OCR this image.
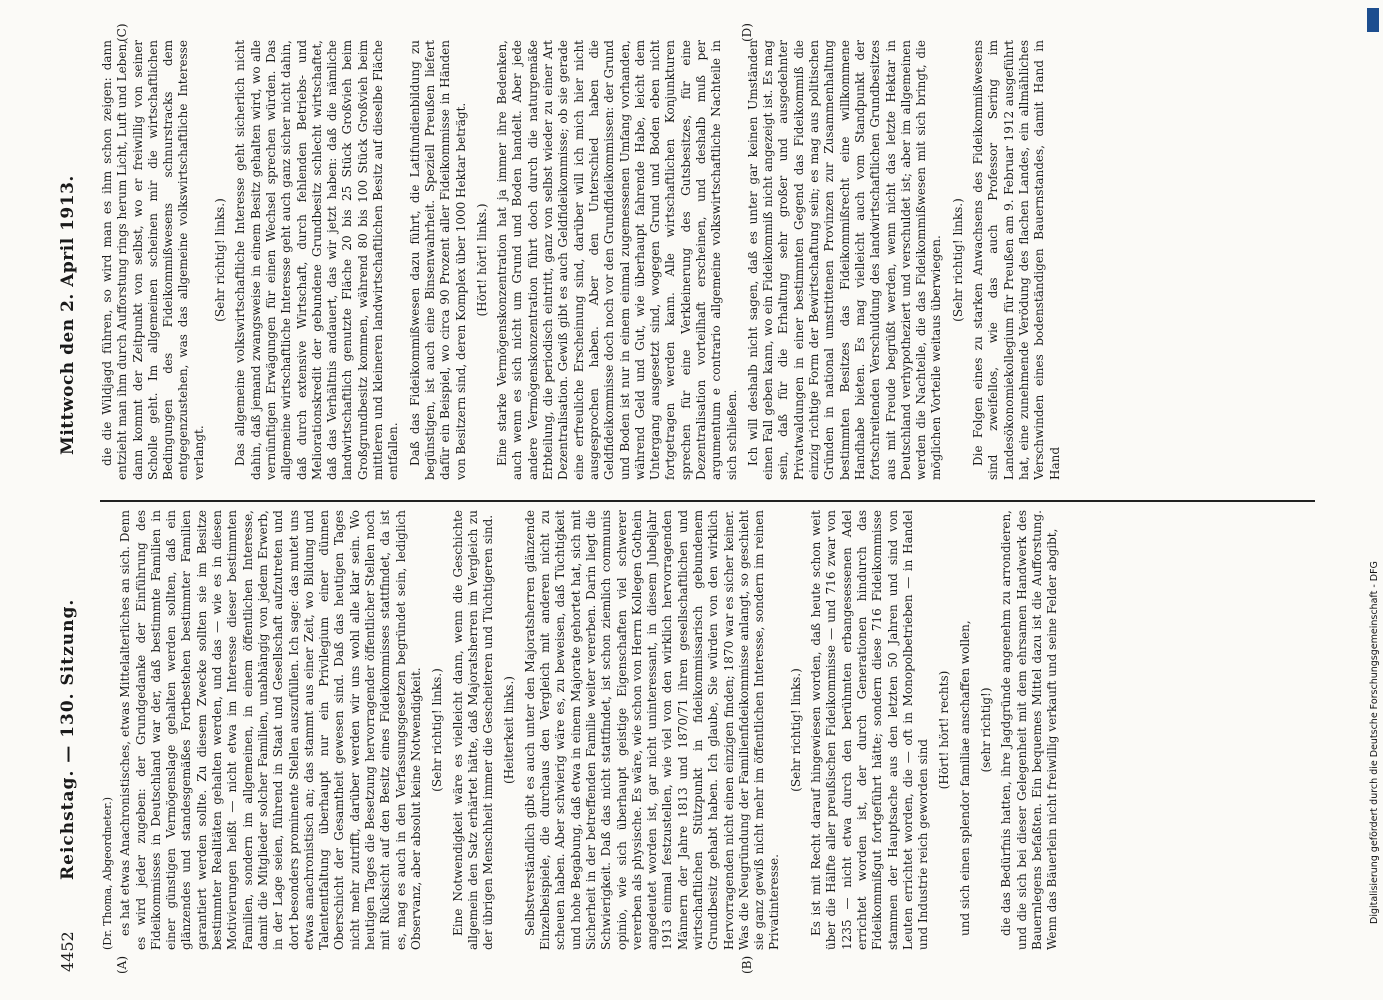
4452
Reichstag. — 130. Sitzung.
Mittwoch den 2. April 1913.
(A)	(B)
(C)	(D)

(Dr. Thoma, Abgeordneter.) es hat etwas Anachronistisches, etwas Mittelalterliches an sich. Denn es wird jeder zugeben: der Grundgedanke der Einführung des Fideikommisses in Deutschland war der, daß bestimmte Familien in einer günstigen Vermögenslage gehalten werden sollten, daß ein glänzendes und standesgemäßes Fortbestehen bestimmter Familien garantiert werden sollte. Zu diesem Zwecke sollten sie im Besitze bestimmter Realitäten gehalten werden, und das — wie es in diesen Motivierungen heißt — nicht etwa im Interesse dieser bestimmten Familien, sondern im allgemeinen, in einem öffentlichen Interesse, damit die Mitglieder solcher Familien, unabhängig von jedem Erwerb, in der Lage seien, führend in Staat und Gesellschaft aufzutreten und dort besonders prominente Stellen auszufüllen. Ich sage: das mutet uns etwas anachronistisch an; das stammt aus einer Zeit, wo Bildung und Talententfaltung überhaupt nur ein Privilegium einer dünnen Oberschicht der Gesamtheit gewesen sind. Daß das heutigen Tages nicht mehr zutrifft, darüber werden wir uns wohl alle klar sein. Wo heutigen Tages die Besetzung hervorragender öffentlicher Stellen noch mit Rücksicht auf den Besitz eines Fideikommisses stattfindet, da ist es, mag es auch in den Verfassungsgesetzen begründet sein, lediglich Observanz, aber absolut keine Notwendigkeit. (Sehr richtig! links.) Eine Notwendigkeit wäre es vielleicht dann, wenn die Geschichte allgemein den Satz erhärtet hätte, daß Majoratsherren im Vergleich zu der übrigen Menschheit immer die Gescheiteren und Tüchtigeren sind. (Heiterkeit links.) Selbstverständlich gibt es auch unter den Majoratsherren glänzende Einzelbeispiele, die durchaus den Vergleich mit anderen nicht zu scheuen haben. Aber schwierig wäre es, zu beweisen, daß Tüchtigkeit und hohe Begabung, daß etwa in einem Majorate gehortet hat, sich mit Sicherheit in der betreffenden Familie weiter vererben. Darin liegt die Schwierigkeit. Daß das nicht stattfindet, ist schon ziemlich communis opinio, wie sich überhaupt geistige Eigenschaften viel schwerer vererben als physische. Es wäre, wie schon von Herrn Kollegen Gothein angedeutet worden ist, gar nicht uninteressant, in diesem Jubeljahr 1913 einmal festzustellen, wie viel von den wirklich hervorragenden Männern der Jahre 1813 und 1870/71 ihren gesellschaftlichen und wirtschaftlichen Stützpunkt in fideikommissarisch gebundenem Grundbesitz gehabt haben. Ich glaube, Sie würden von den wirklich Hervorragenden nicht einen einzigen finden; 1870 war es sicher keiner. Was die Neugründung der Familienfideikommisse anlangt, so geschieht sie ganz gewiß nicht mehr im öffentlichen Interesse, sondern im reinen Privatinteresse.

(Sehr richtig! links.) Es ist mit Recht darauf hingewiesen worden, daß heute schon weit über die Hälfte aller preußischen Fideikommisse — und 716 zwar von 1235 — nicht etwa durch den berühmten erbangesessenen Adel errichtet worden ist, der durch Generationen hindurch das Fideikommißgut fortgeführt hätte; sondern diese 716 Fideikommisse stammen der Hauptsache aus den letzten 50 Jahren und sind von Leuten errichtet worden, die — oft in Monopolbetrieben — in Handel und Industrie reich geworden sind

(Hört! hört! rechts) und sich einen splendor familiae anschaffen wollen, (sehr richtig!) die das Bedürfnis hatten, ihre Jagdgründe angenehm zu arrondieren, und die sich bei dieser Gelegenheit mit dem ehrsamen Handwerk des Bauernlegens befaßten. Ein bequemes Mittel dazu ist die Aufforstung. Wenn das Bäuerlein nicht freiwillig verkauft und seine Felder abgibt,

die die Wildjagd führen, so wird man es ihm schon zeigen: dann entzieht man ihm durch Aufforstung rings herum Licht, Luft und Leben, dann kommt der Zeitpunkt von selbst, wo er freiwillig von seiner Scholle geht. Im allgemeinen scheinen mir die wirtschaftlichen Bedingungen des Fideikommißwesens schnurstracks dem entgegenzustehen, was das allgemeine volkswirtschaftliche Interesse verlangt.

(Sehr richtig! links.) Das allgemeine volkswirtschaftliche Interesse geht sicherlich nicht dahin, daß jemand zwangsweise in einem Besitz gehalten wird, wo alle vernünftigen Erwägungen für einen Wechsel sprechen würden. Das allgemeine wirtschaftliche Interesse geht auch ganz sicher nicht dahin, daß durch extensive Wirtschaft, durch fehlenden Betriebs- und Meliorationskredit der gebundene Grundbesitz schlecht wirtschaftet, daß das Verhältnis andauert, das wir jetzt haben: daß die nämliche landwirtschaftlich genutzte Fläche 20 bis 25 Stück Großvieh beim Großgrundbesitz kommen, während 80 bis 100 Stück Großvieh beim mittleren und kleineren landwirtschaftlichen Besitz auf dieselbe Fläche entfallen. Daß das Fideikommißwesen dazu führt, die Latifundienbildung zu begünstigen, ist auch eine Binsenwahrheit. Speziell Preußen liefert dafür ein Beispiel, wo circa 90 Prozent aller Fideikommisse in Händen von Besitzern sind, deren Komplex über 1000 Hektar beträgt. (Hört! hört! links.) Eine starke Vermögenskonzentration hat ja immer ihre Bedenken, auch wenn es sich nicht um Grund und Boden handelt. Aber jede andere Vermögenskonzentration führt doch durch die naturgemäße Erbteilung, die periodisch eintritt, ganz von selbst wieder zu einer Art Dezentralisation. Gewiß gibt es auch Geldfideikommisse; ob sie gerade eine erfreuliche Erscheinung sind, darüber will ich mich hier nicht ausgesprochen haben. Aber den Unterschied haben die Geldfideikommisse doch noch vor den Grundfideikommissen: der Grund und Boden ist nur in einem einmal zugemessenen Umfang vorhanden, während Geld und Gut, wie überhaupt fahrende Habe, leicht dem Untergang ausgesetzt sind, wogegen Grund und Boden eben nicht fortgetragen werden kann. Alle wirtschaftlichen Konjunkturen sprechen für eine Verkleinerung des Gutsbesitzes, für eine Dezentralisation vorteilhaft erscheinen, und deshalb muß per argumentum e contrario allgemeine volkswirtschaftliche Nachteile in sich schließen. Ich will deshalb nicht sagen, daß es unter gar keinen Umständen einen Fall geben kann, wo ein Fideikommiß nicht angezeigt ist. Es mag sein, daß für die Erhaltung sehr großer und ausgedehnter Privatwaldungen in einer bestimmten Gegend das Fideikommiß die einzig richtige Form der Bewirtschaftung sein; es mag aus politischen Gründen in national umstrittenen Provinzen zur Zusammenhaltung bestimmten Besitzes das Fideikommißrecht eine willkommene Handhabe bieten. Es mag vielleicht auch vom Standpunkt der fortschreitenden Verschuldung des landwirtschaftlichen Grundbesitzes aus mit Freude begrüßt werden, wenn nicht das letzte Hektar in Deutschland verhypotheziert und verschuldet ist; aber im allgemeinen werden die Nachteile, die das Fideikommißwesen mit sich bringt, die möglichen Vorteile weitaus überwiegen. (Sehr richtig! links.) Die Folgen eines zu starken Anwachsens des Fideikommißwesens sind zweifellos, wie das auch Professor Sering im Landesökonomiekollegium für Preußen am 9. Februar 1912 ausgeführt hat, eine zunehmende Verödung des flachen Landes, ein allmähliches Verschwinden eines bodenständigen Bauernstandes, damit Hand in Hand

Digitalisierung gefördert durch die Deutsche Forschungsgemeinschaft - DFG
